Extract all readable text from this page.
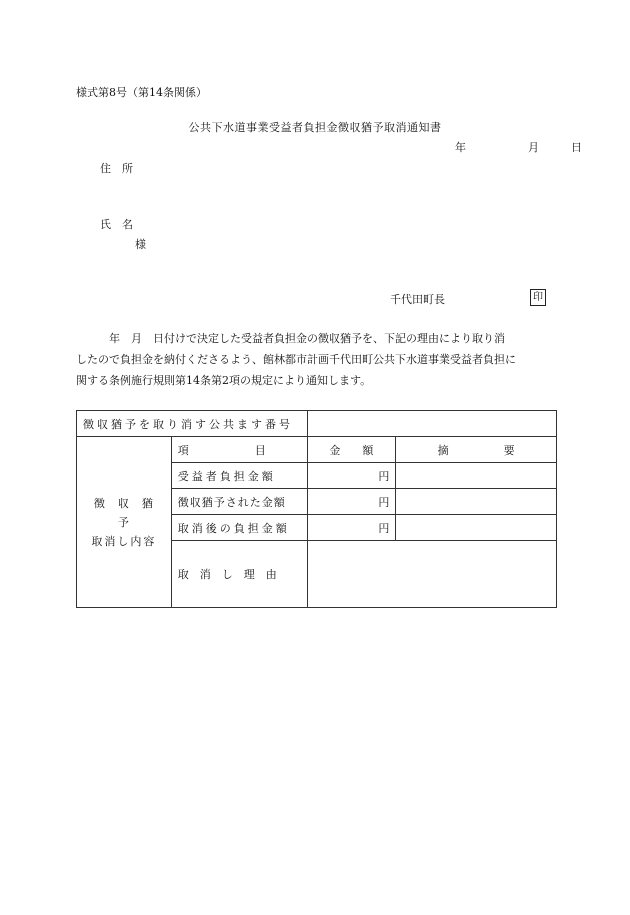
様式第8号（第14条関係）
公共下水道事業受益者負担金徴収猶予取消通知書
年	月	日
住　所
氏　名
様
千代田町長	印

　　　年　月　日付けで決定した受益者負担金の徴収猶予を、下記の理由により取り消

したので負担金を納付くださるよう、館林都市計画千代田町公共下水道事業受益者負担に

関する条例施行規則第14条第2項の規定により通知します。

徴収猶予を取り消す公共ます番号			

徴　収　猶　予
取消し内容	項　　　　　　目	金　　額	摘　　　　　要
	受益者負担金額	円	
	徴収猶予された金額	円	
	取消後の負担金額	円	
	取　消　し　理　由		
